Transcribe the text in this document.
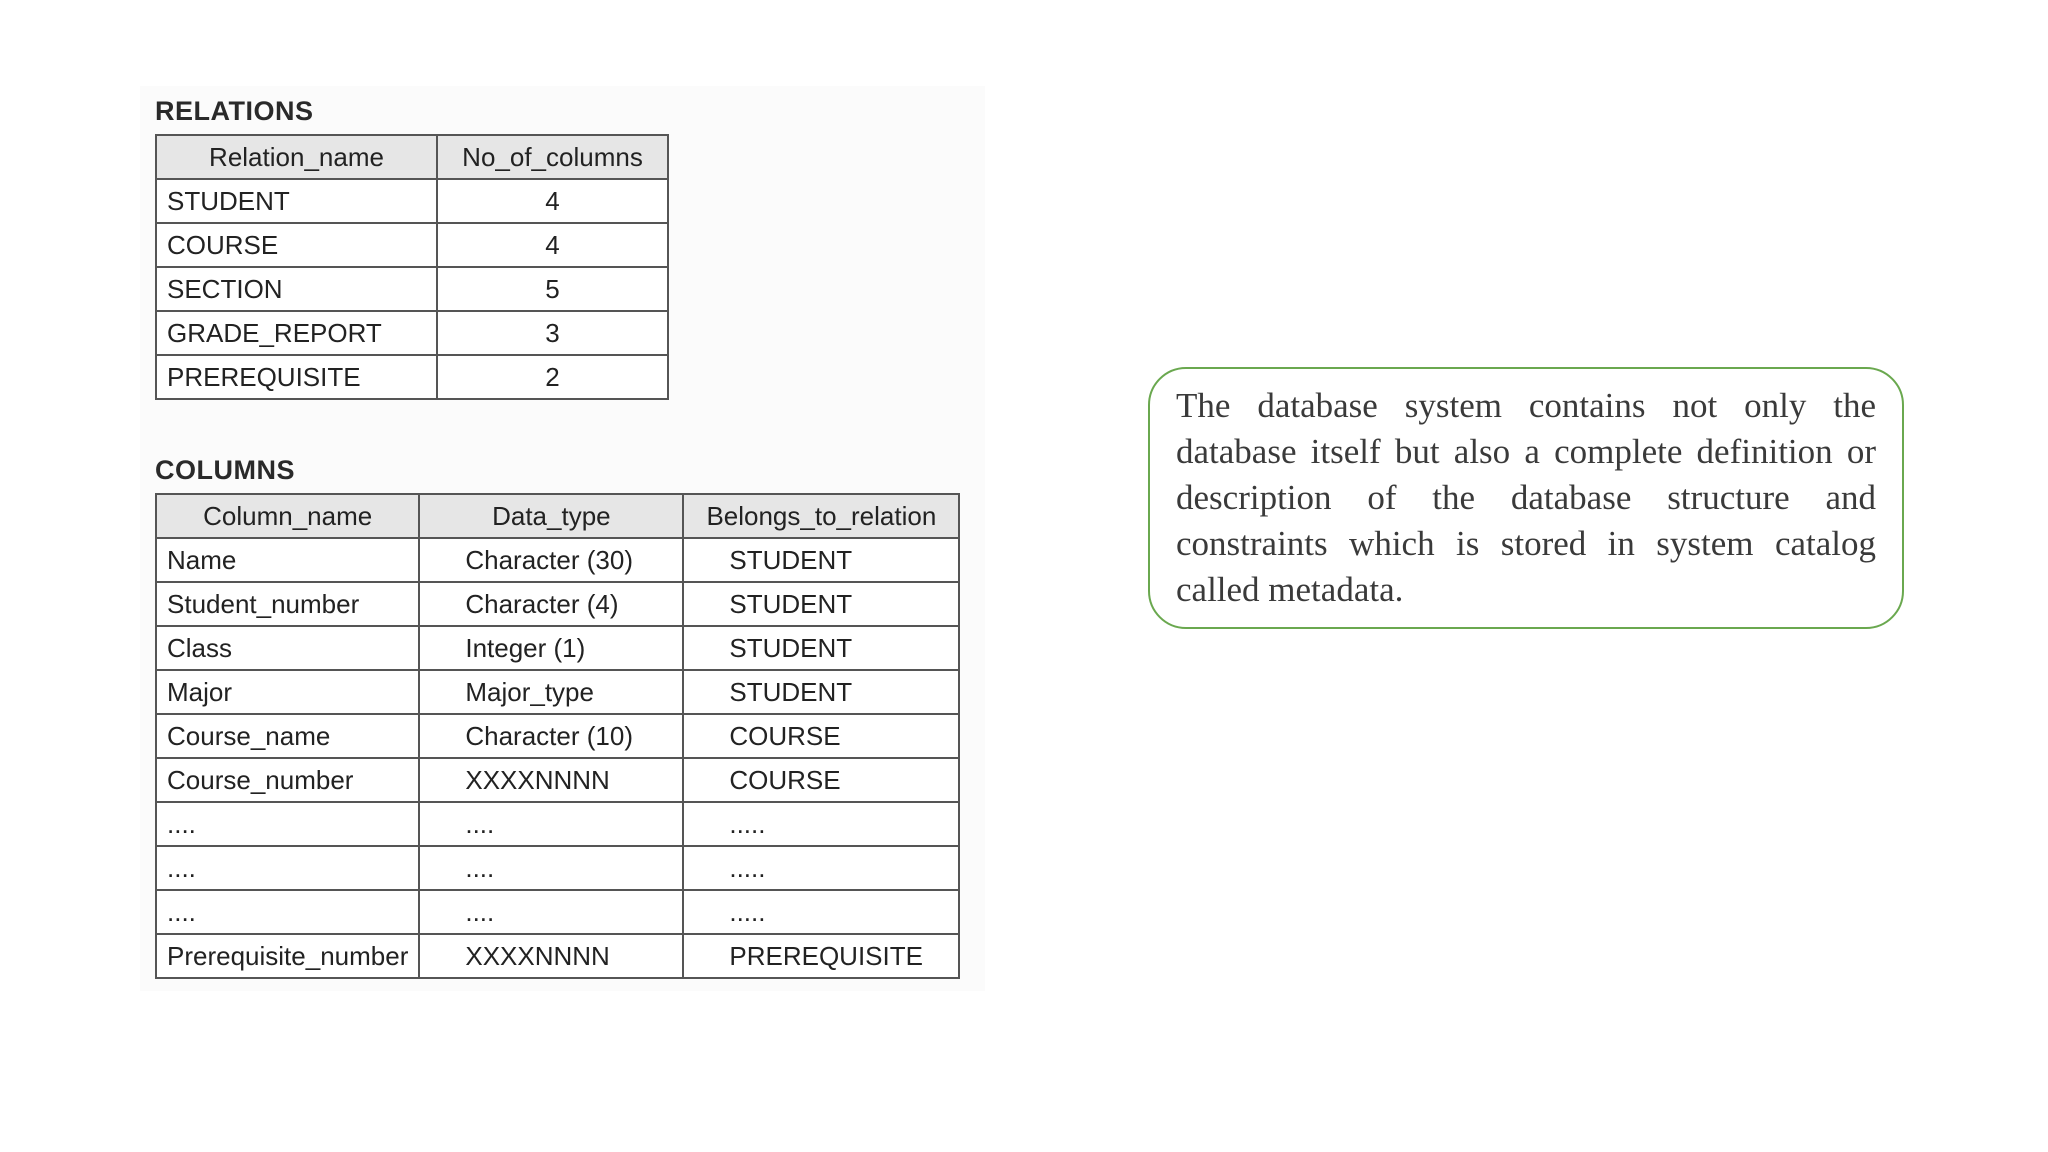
RELATIONS
Relation_name	No_of_columns
STUDENT	4
COURSE	4
SECTION	5
GRADE_REPORT	3
PREREQUISITE	2
COLUMNS
Column_name	Data_type	Belongs_to_relation
Name	Character (30)	STUDENT
Student_number	Character (4)	STUDENT
Class	Integer (1)	STUDENT
Major	Major_type	STUDENT
Course_name	Character (10)	COURSE
Course_number	XXXXNNNN	COURSE
....	....	.....
....	....	.....
....	....	.....
Prerequisite_number	XXXXNNNN	PREREQUISITE

The database system contains not only the database itself but also a complete definition or description of the database structure and constraints which is stored in system catalog called metadata.
